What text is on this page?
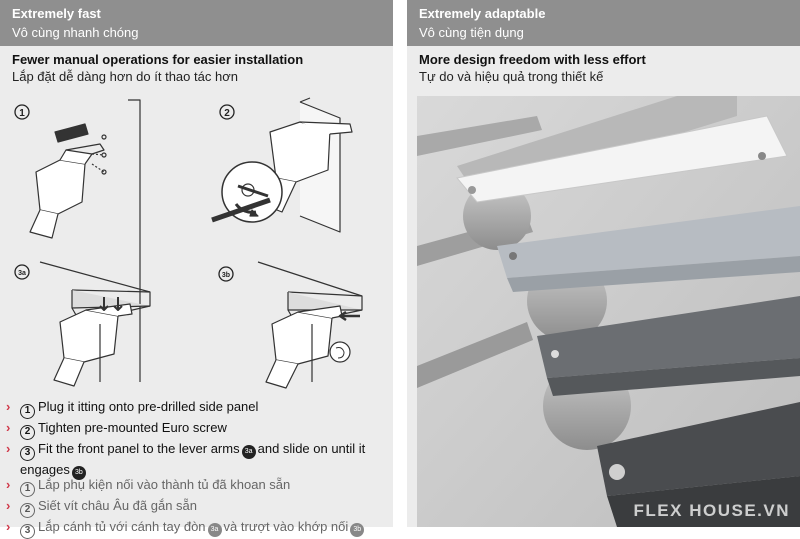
Extremely fast
Vô cùng nhanh chóng
Fewer manual operations for easier installation
Lắp đặt dễ dàng hơn do ít thao tác hơn
1	2
3a	3b
› 1 Plug it itting onto pre-drilled side panel
› 2 Tighten pre-mounted Euro screw
› 3 Fit the front panel to the lever arms 3a and slide on until it
engages 3b
› 1 Lắp phụ kiện nối vào thành tủ đã khoan sẵn
› 2 Siết vít châu Âu đã gắn sẵn
› 3 Lắp cánh tủ với cánh tay đòn 3a và trượt vào khớp nối 3b
Extremely adaptable
Vô cùng tiện dụng
More design freedom with less effort
Tự do và hiệu quả trong thiết kế
FLEX HOUSE.VN
